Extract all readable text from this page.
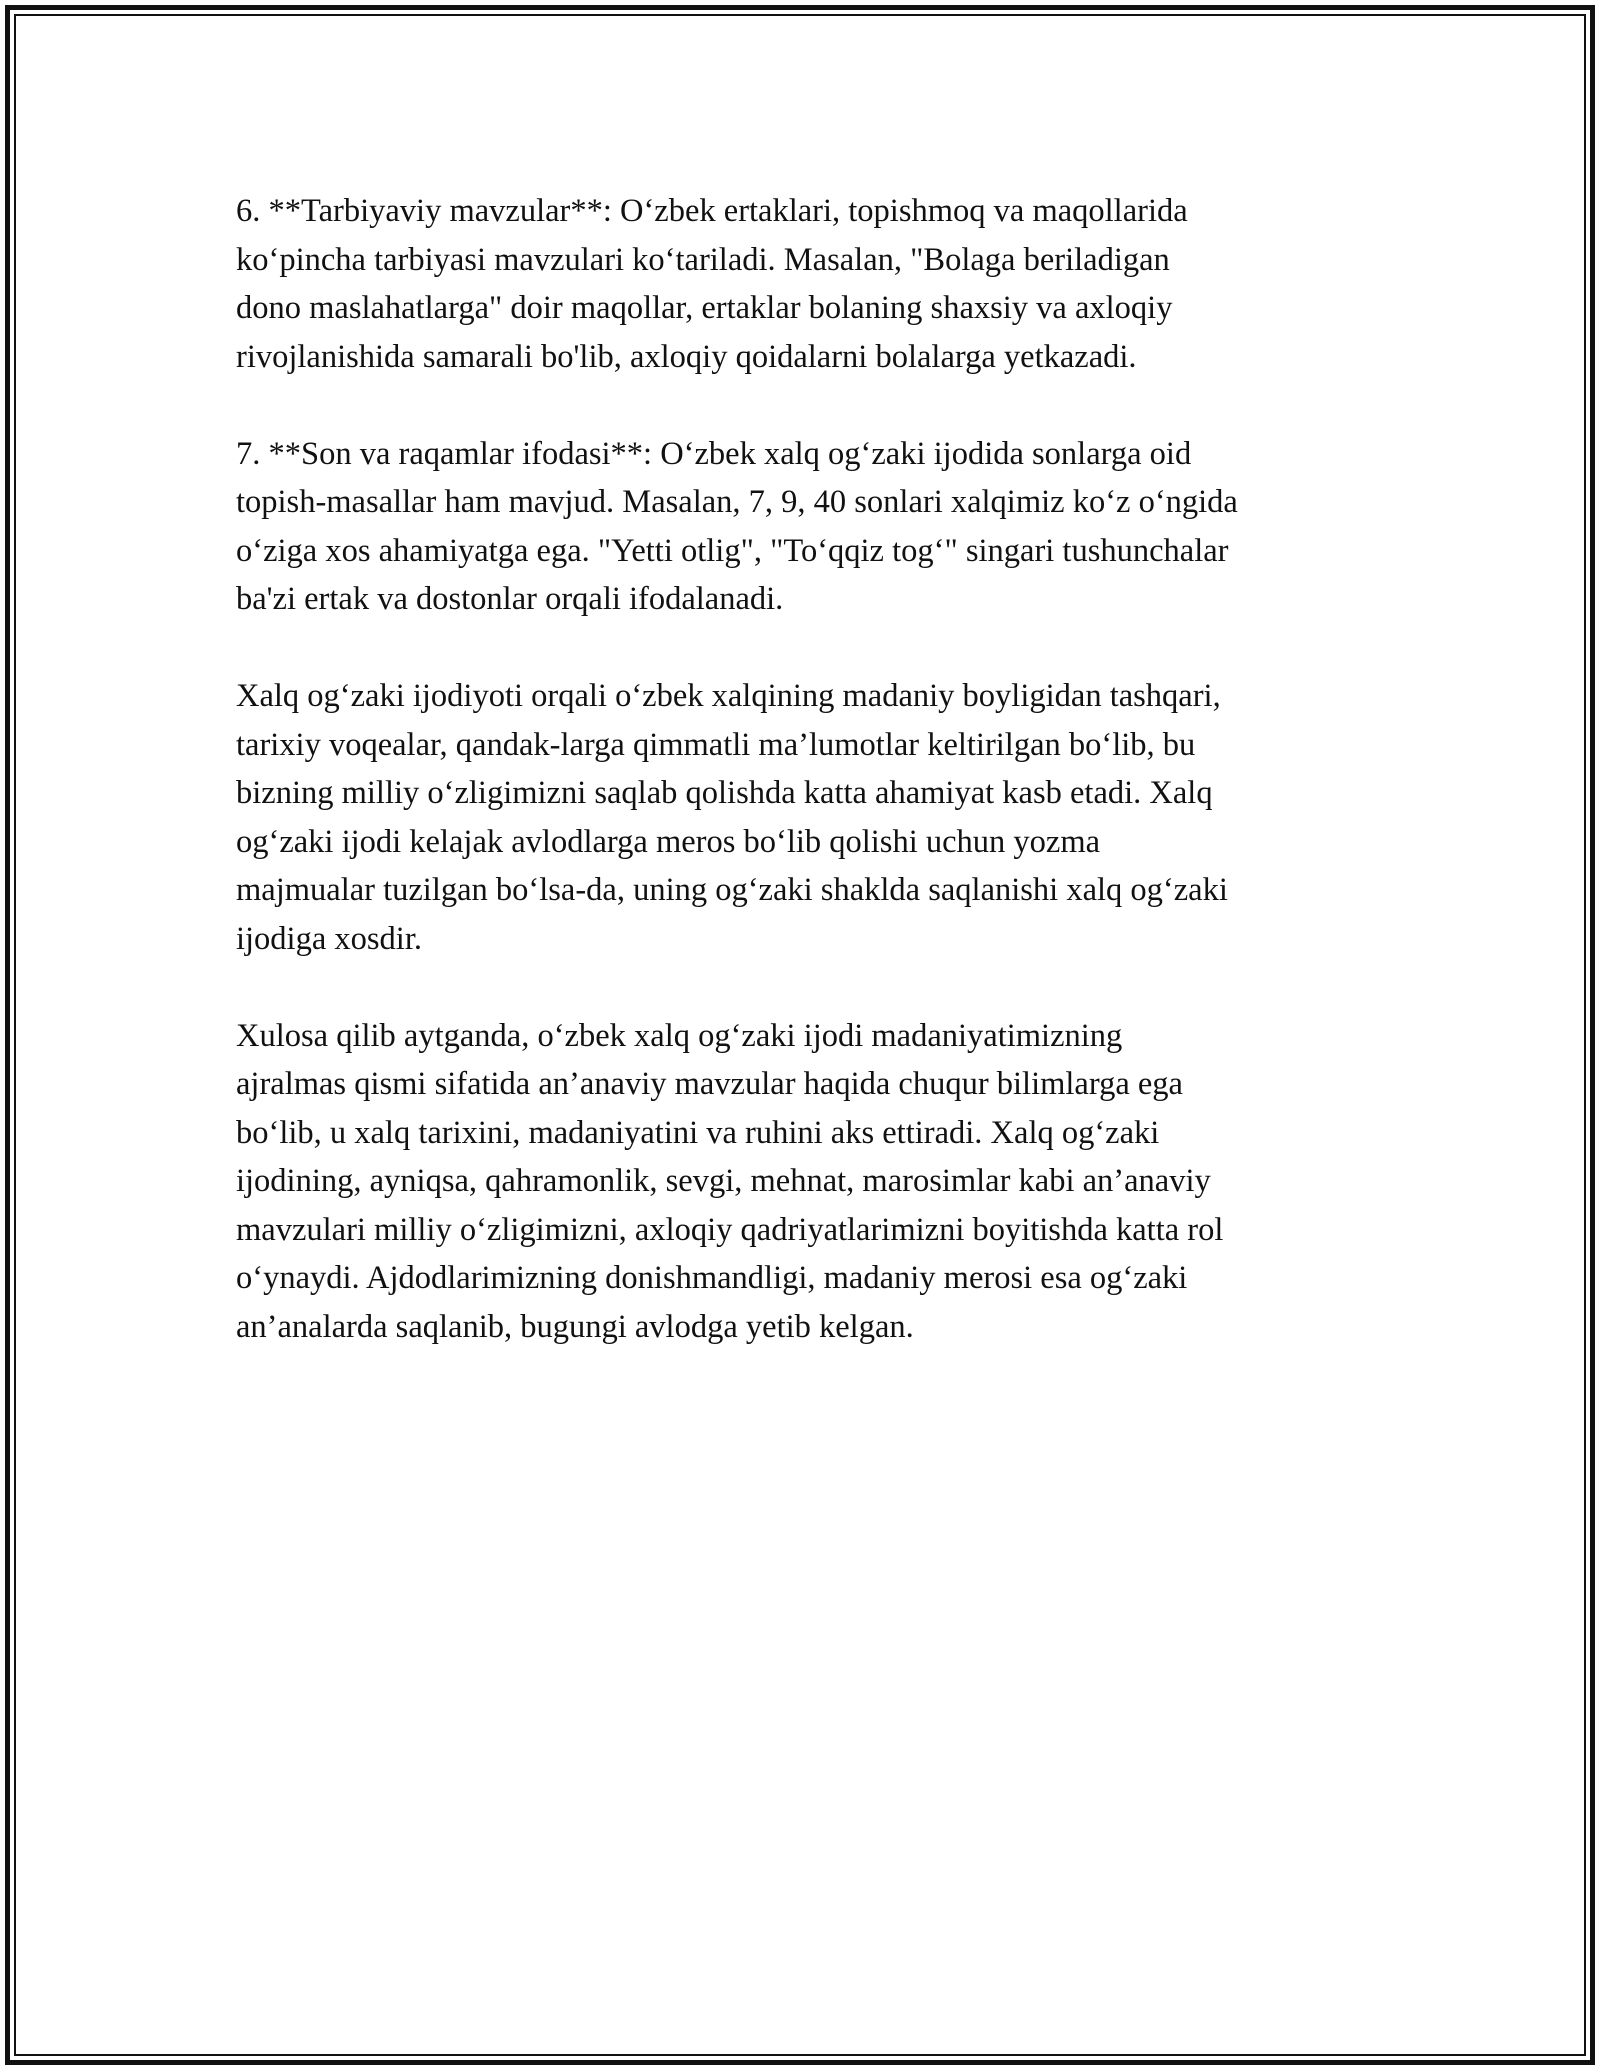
6. **Tarbiyaviy mavzular**: O‘zbek ertaklari, topishmoq va maqollarida
ko‘pincha tarbiyasi mavzulari ko‘tariladi. Masalan, "Bolaga beriladigan
dono maslahatlarga" doir maqollar, ertaklar bolaning shaxsiy va axloqiy
rivojlanishida samarali bo'lib, axloqiy qoidalarni bolalarga yetkazadi.

7. **Son va raqamlar ifodasi**: O‘zbek xalq og‘zaki ijodida sonlarga oid
topish-masallar ham mavjud. Masalan, 7, 9, 40 sonlari xalqimiz ko‘z o‘ngida
o‘ziga xos ahamiyatga ega. "Yetti otlig", "To‘qqiz tog‘" singari tushunchalar
ba'zi ertak va dostonlar orqali ifodalanadi.

Xalq og‘zaki ijodiyoti orqali o‘zbek xalqining madaniy boyligidan tashqari,
tarixiy voqealar, qandak-larga qimmatli ma’lumotlar keltirilgan bo‘lib, bu
bizning milliy o‘zligimizni saqlab qolishda katta ahamiyat kasb etadi. Xalq
og‘zaki ijodi kelajak avlodlarga meros bo‘lib qolishi uchun yozma
majmualar tuzilgan bo‘lsa-da, uning og‘zaki shaklda saqlanishi xalq og‘zaki
ijodiga xosdir.

Xulosa qilib aytganda, o‘zbek xalq og‘zaki ijodi madaniyatimizning
ajralmas qismi sifatida an’anaviy mavzular haqida chuqur bilimlarga ega
bo‘lib, u xalq tarixini, madaniyatini va ruhini aks ettiradi. Xalq og‘zaki
ijodining, ayniqsa, qahramonlik, sevgi, mehnat, marosimlar kabi an’anaviy
mavzulari milliy o‘zligimizni, axloqiy qadriyatlarimizni boyitishda katta rol
o‘ynaydi. Ajdodlarimizning donishmandligi, madaniy merosi esa og‘zaki
an’analarda saqlanib, bugungi avlodga yetib kelgan.
